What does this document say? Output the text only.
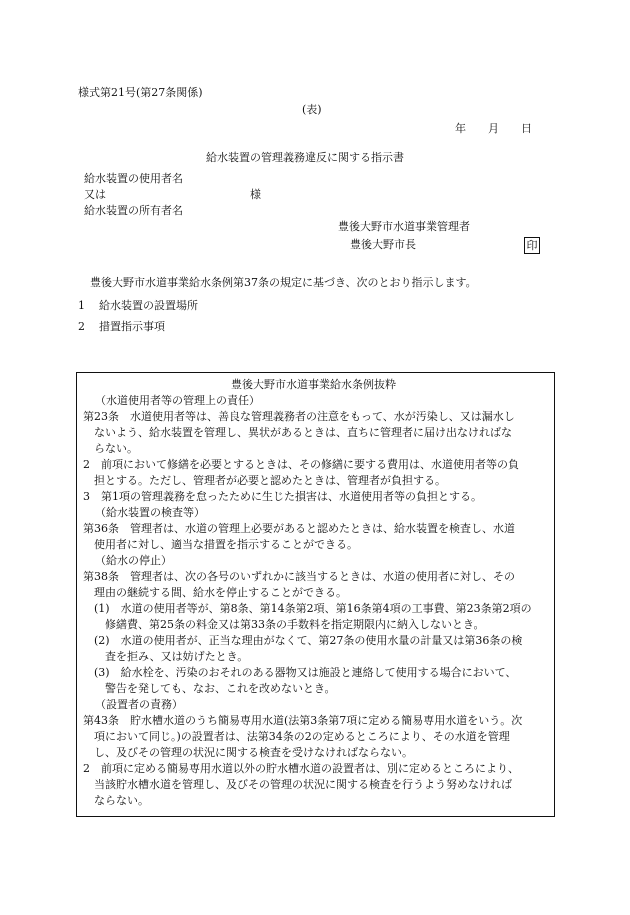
様式第21号(第27条関係)
(表)
年　　月　　日
給水装置の管理義務違反に関する指示書
給水装置の使用者名
又は	様
給水装置の所有者名
豊後大野市水道事業管理者
豊後大野市長	印
豊後大野市水道事業給水条例第37条の規定に基づき、次のとおり指示します。
1 給水装置の設置場所
2 措置指示事項
豊後大野市水道事業給水条例抜粋
（水道使用者等の管理上の責任）
第23条　水道使用者等は、善良な管理義務者の注意をもって、水が汚染し、又は漏水し
ないよう、給水装置を管理し、異状があるときは、直ちに管理者に届け出なければな
らない。
2　前項において修繕を必要とするときは、その修繕に要する費用は、水道使用者等の負
担とする。ただし、管理者が必要と認めたときは、管理者が負担する。
3　第1項の管理義務を怠ったために生じた損害は、水道使用者等の負担とする。
（給水装置の検査等）
第36条　管理者は、水道の管理上必要があると認めたときは、給水装置を検査し、水道
使用者に対し、適当な措置を指示することができる。
（給水の停止）
第38条　管理者は、次の各号のいずれかに該当するときは、水道の使用者に対し、その
理由の継続する間、給水を停止することができる。
(1)　水道の使用者等が、第8条、第14条第2項、第16条第4項の工事費、第23条第2項の
修繕費、第25条の料金又は第33条の手数料を指定期限内に納入しないとき。
(2)　水道の使用者が、正当な理由がなくて、第27条の使用水量の計量又は第36条の検
査を拒み、又は妨げたとき。
(3)　給水栓を、汚染のおそれのある器物又は施設と連絡して使用する場合において、
警告を発しても、なお、これを改めないとき。
（設置者の責務）
第43条　貯水槽水道のうち簡易専用水道(法第3条第7項に定める簡易専用水道をいう。次
項において同じ。)の設置者は、法第34条の2の定めるところにより、その水道を管理
し、及びその管理の状況に関する検査を受けなければならない。
2　前項に定める簡易専用水道以外の貯水槽水道の設置者は、別に定めるところにより、
当該貯水槽水道を管理し、及びその管理の状況に関する検査を行うよう努めなければ
ならない。
